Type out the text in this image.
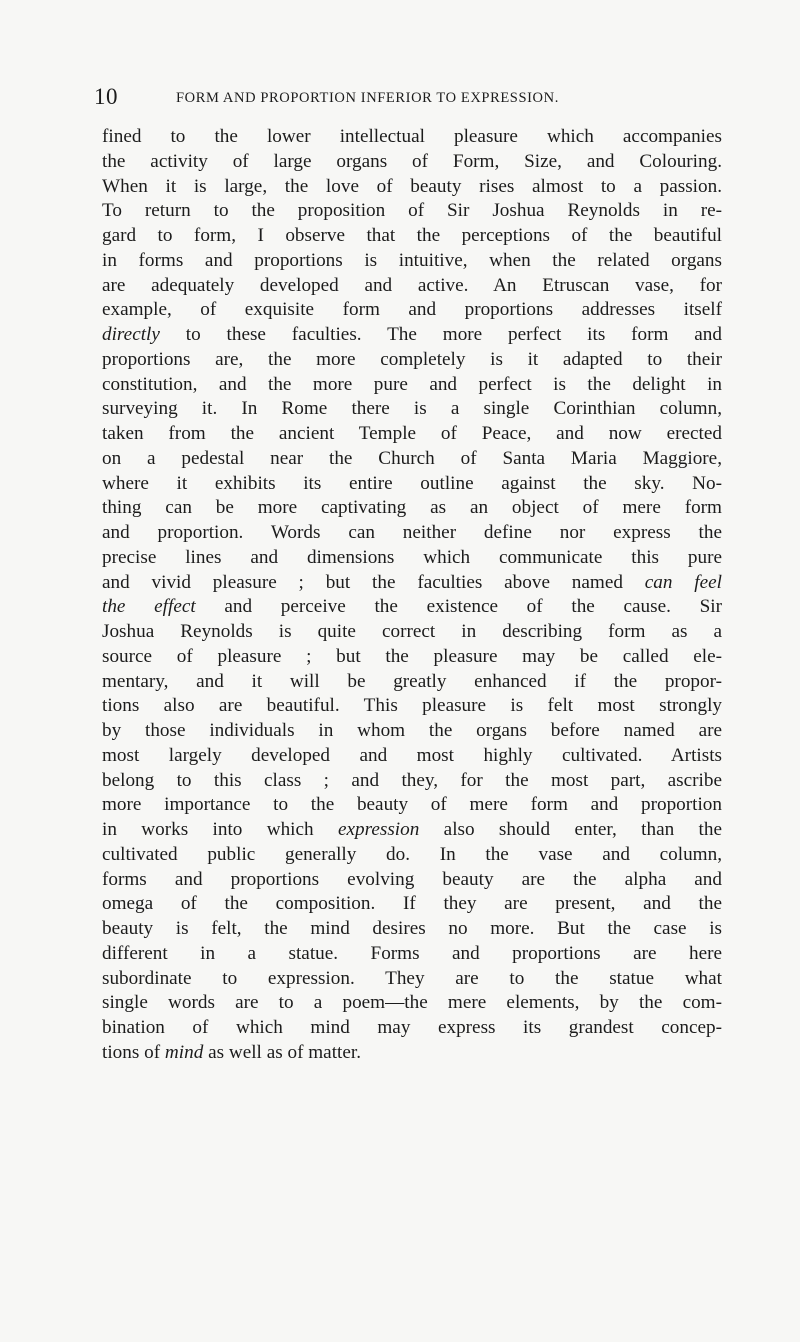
10	FORM AND PROPORTION INFERIOR TO EXPRESSION.
fined to the lower intellectual pleasure which accompanies
the activity of large organs of Form, Size, and Colouring.
When it is large, the love of beauty rises almost to a passion.
To return to the proposition of Sir Joshua Reynolds in re-
gard to form, I observe that the perceptions of the beautiful
in forms and proportions is intuitive, when the related organs
are adequately developed and active. An Etruscan vase, for
example, of exquisite form and proportions addresses itself
directly to these faculties. The more perfect its form and
proportions are, the more completely is it adapted to their
constitution, and the more pure and perfect is the delight in
surveying it. In Rome there is a single Corinthian column,
taken from the ancient Temple of Peace, and now erected
on a pedestal near the Church of Santa Maria Maggiore,
where it exhibits its entire outline against the sky. No-
thing can be more captivating as an object of mere form
and proportion. Words can neither define nor express the
precise lines and dimensions which communicate this pure
and vivid pleasure ; but the faculties above named can feel
the effect and perceive the existence of the cause. Sir
Joshua Reynolds is quite correct in describing form as a
source of pleasure ; but the pleasure may be called ele-
mentary, and it will be greatly enhanced if the propor-
tions also are beautiful. This pleasure is felt most strongly
by those individuals in whom the organs before named are
most largely developed and most highly cultivated. Artists
belong to this class ; and they, for the most part, ascribe
more importance to the beauty of mere form and proportion
in works into which expression also should enter, than the
cultivated public generally do. In the vase and column,
forms and proportions evolving beauty are the alpha and
omega of the composition. If they are present, and the
beauty is felt, the mind desires no more. But the case is
different in a statue. Forms and proportions are here
subordinate to expression. They are to the statue what
single words are to a poem—the mere elements, by the com-
bination of which mind may express its grandest concep-
tions of mind as well as of matter.
